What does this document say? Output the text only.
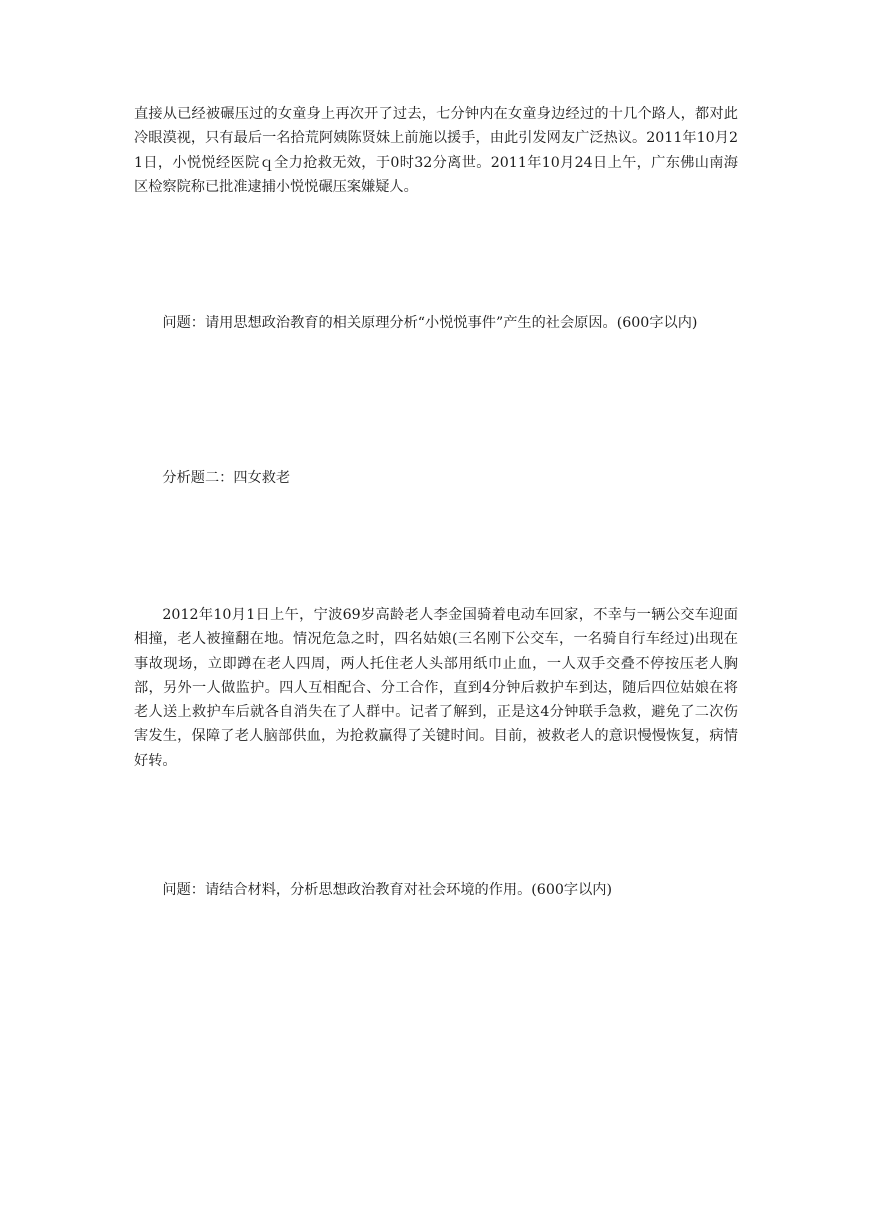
直接从已经被碾压过的女童身上再次开了过去，七分钟内在女童身边经过的十几个路人，都对此冷眼漠视，只有最后一名拾荒阿姨陈贤妹上前施以援手，由此引发网友广泛热议。2011年10月21日，小悦悦经医院ｑ全力抢救无效，于0时32分离世。2011年10月24日上午，广东佛山南海区检察院称已批准逮捕小悦悦碾压案嫌疑人。

问题：请用思想政治教育的相关原理分析“小悦悦事件”产生的社会原因。(600字以内)

分析题二：四女救老

2012年10月1日上午，宁波69岁高龄老人李金国骑着电动车回家，不幸与一辆公交车迎面相撞，老人被撞翻在地。情况危急之时，四名姑娘(三名刚下公交车，一名骑自行车经过)出现在事故现场，立即蹲在老人四周，两人托住老人头部用纸巾止血，一人双手交叠不停按压老人胸部，另外一人做监护。四人互相配合、分工合作，直到4分钟后救护车到达，随后四位姑娘在将老人送上救护车后就各自消失在了人群中。记者了解到，正是这4分钟联手急救，避免了二次伤害发生，保障了老人脑部供血，为抢救赢得了关键时间。目前，被救老人的意识慢慢恢复，病情好转。

问题：请结合材料，分析思想政治教育对社会环境的作用。(600字以内)
